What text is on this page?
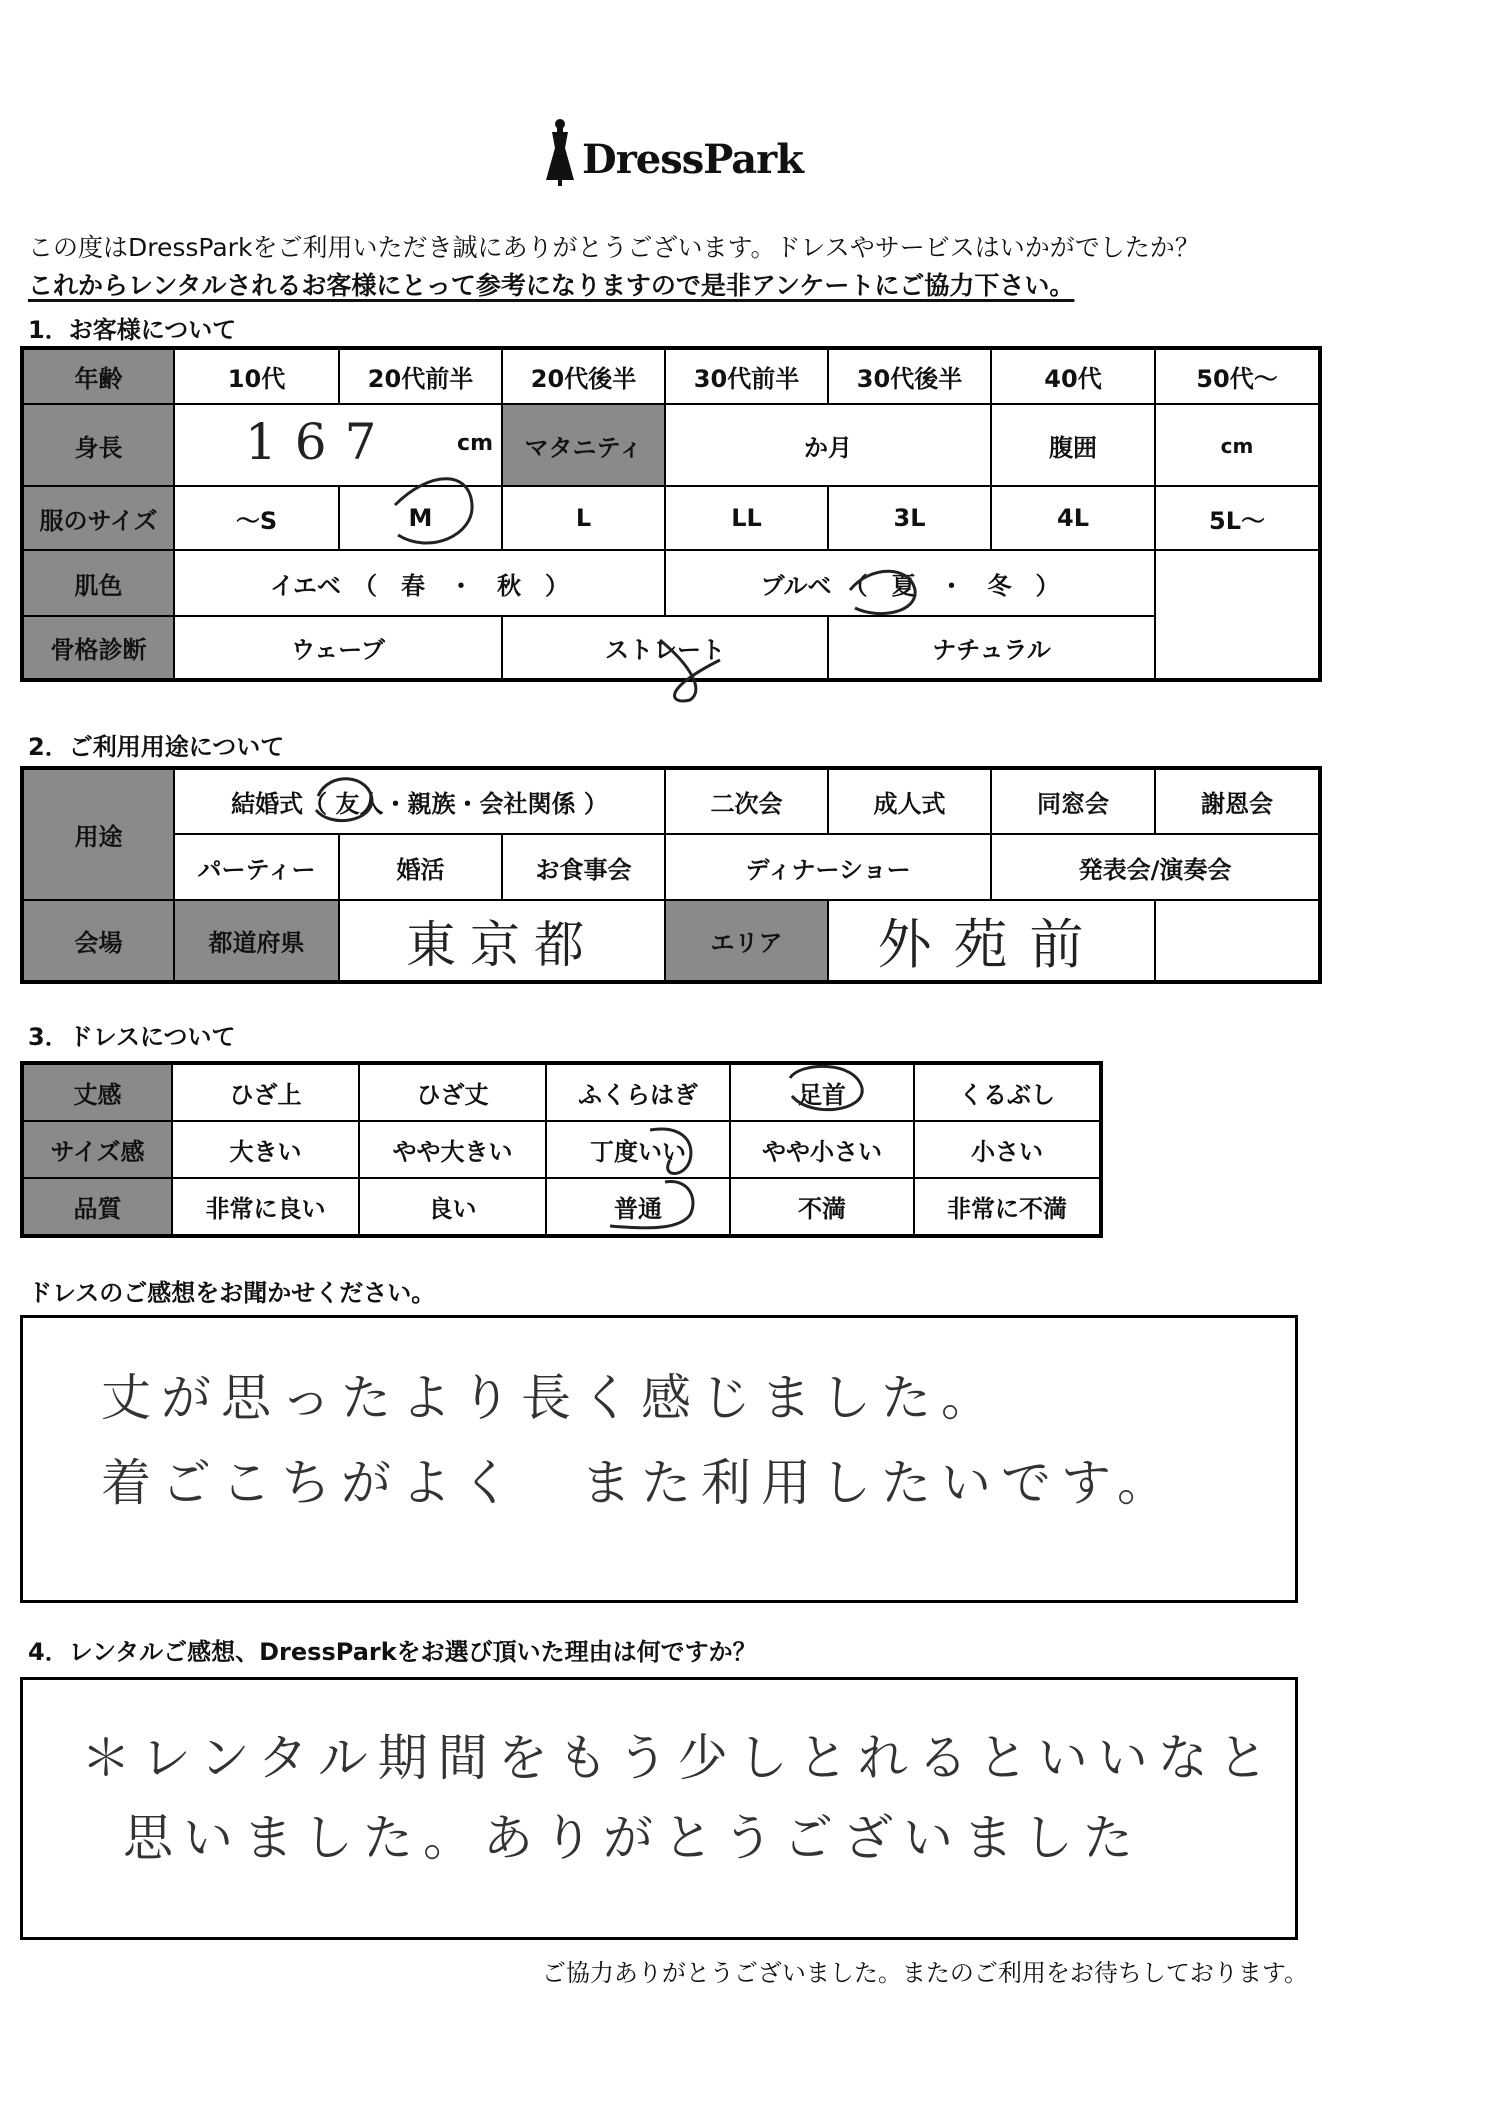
DressPark
この度はDressParkをご利用いただき誠にありがとうございます。ドレスやサービスはいかがでしたか？
これからレンタルされるお客様にとって参考になりますので是非アンケートにご協力下さい。
1．お客様について
年齢	10代	20代前半	20代後半	30代前半	30代後半	40代	50代～
身長	167 cm		マタニティ	か月		腹囲	cm
服のサイズ	～S	M	L	LL	3L	4L	5L～
肌色	イエベ　（　春　・　秋　）			ブルベ　（　夏　・　冬　）			
骨格診断	ウェーブ		ストレート		ナチュラル		
2．ご利用用途について
用途	結婚式（ 友人・親族・会社関係 ）			二次会	成人式	同窓会	謝恩会
	パーティー	婚活	お食事会	ディナーショー		発表会/演奏会	
会場	都道府県	東京都		エリア	外苑前		
3．ドレスについて
丈感	ひざ上	ひざ丈	ふくらはぎ	足首	くるぶし
サイズ感	大きい	やや大きい	丁度いい	やや小さい	小さい
品質	非常に良い	良い	普通	不満	非常に不満
ドレスのご感想をお聞かせください。
丈が思ったより長く感じました。
着ごこちがよく　また利用したいです。
4．レンタルご感想、DressParkをお選び頂いた理由は何ですか？
＊レンタル期間をもう少しとれるといいなと
思いました。ありがとうございました
ご協力ありがとうございました。またのご利用をお待ちしております。
